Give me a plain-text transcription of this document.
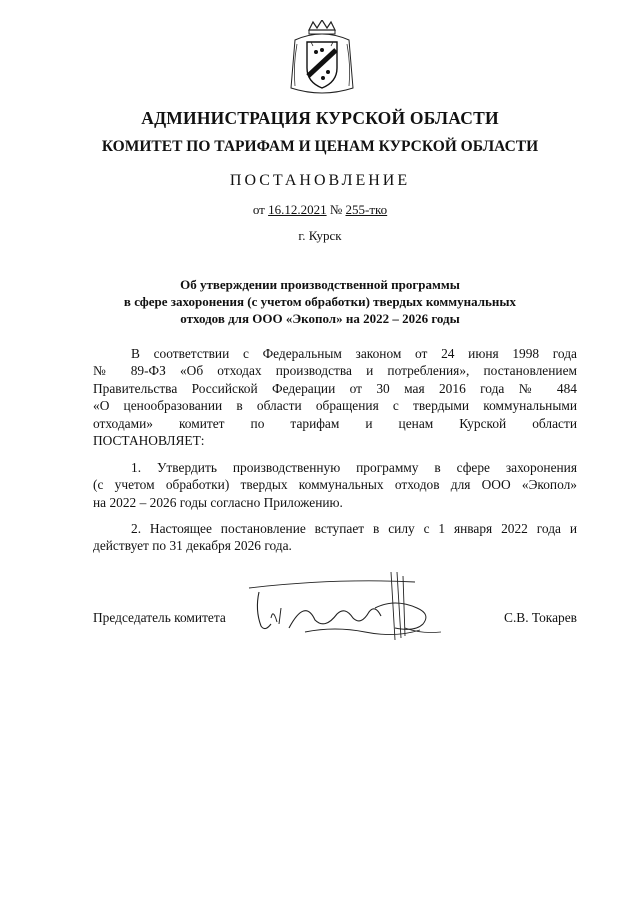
АДМИНИСТРАЦИЯ КУРСКОЙ ОБЛАСТИ
КОМИТЕТ ПО ТАРИФАМ И ЦЕНАМ КУРСКОЙ ОБЛАСТИ
ПОСТАНОВЛЕНИЕ
от 16.12.2021 № 255-тко
г. Курск
Об утверждении производственной программы
в сфере захоронения (с учетом обработки) твердых коммунальных
отходов для ООО «Экопол» на 2022 – 2026 годы

В соответствии с Федеральным законом от 24 июня 1998 года

№ 89-ФЗ «Об отходах производства и потребления», постановлением

Правительства Российской Федерации от 30 мая 2016 года № 484

«О ценообразовании в области обращения с твердыми коммунальными

отходами» комитет по тарифам и ценам Курской области

ПОСТАНОВЛЯЕТ:

1. Утвердить производственную программу в сфере захоронения

(с учетом обработки) твердых коммунальных отходов для ООО «Экопол»

на 2022 – 2026 годы согласно Приложению.

2. Настоящее постановление вступает в силу с 1 января 2022 года и

действует по 31 декабря 2026 года.

Председатель комитета	С.В. Токарев
